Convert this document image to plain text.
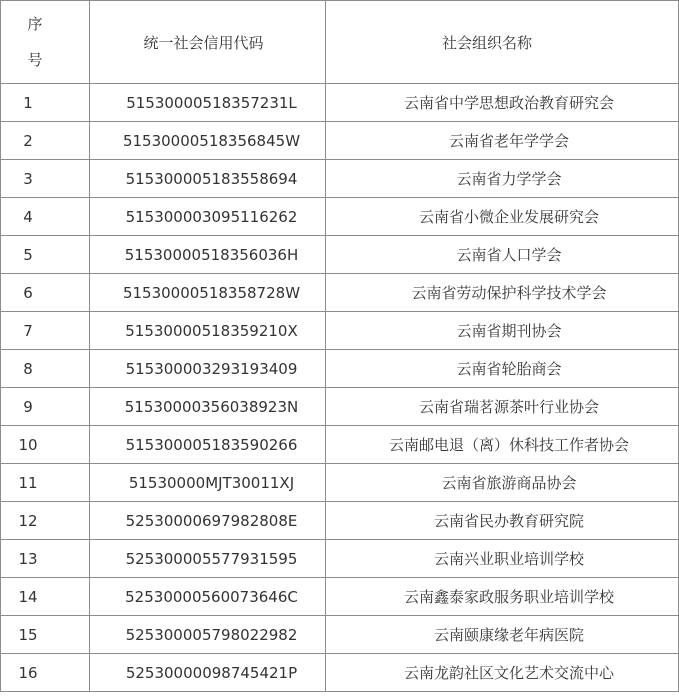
序
号	统一社会信用代码	社会组织名称
1	51530000518357231L	云南省中学思想政治教育研究会
2	51530000518356845W	云南省老年学学会
3	515300005183558694	云南省力学学会
4	515300003095116262	云南省小微企业发展研究会
5	51530000518356036H	云南省人口学会
6	51530000518358728W	云南省劳动保护科学技术学会
7	51530000518359210X	云南省期刊协会
8	515300003293193409	云南省轮胎商会
9	51530000356038923N	云南省瑞茗源茶叶行业协会
10	515300005183590266	云南邮电退（离）休科技工作者协会
11	51530000MJT30011XJ	云南省旅游商品协会
12	52530000697982808E	云南省民办教育研究院
13	525300005577931595	云南兴业职业培训学校
14	52530000560073646C	云南鑫泰家政服务职业培训学校
15	525300005798022982	云南颐康缘老年病医院
16	52530000098745421P	云南龙韵社区文化艺术交流中心
